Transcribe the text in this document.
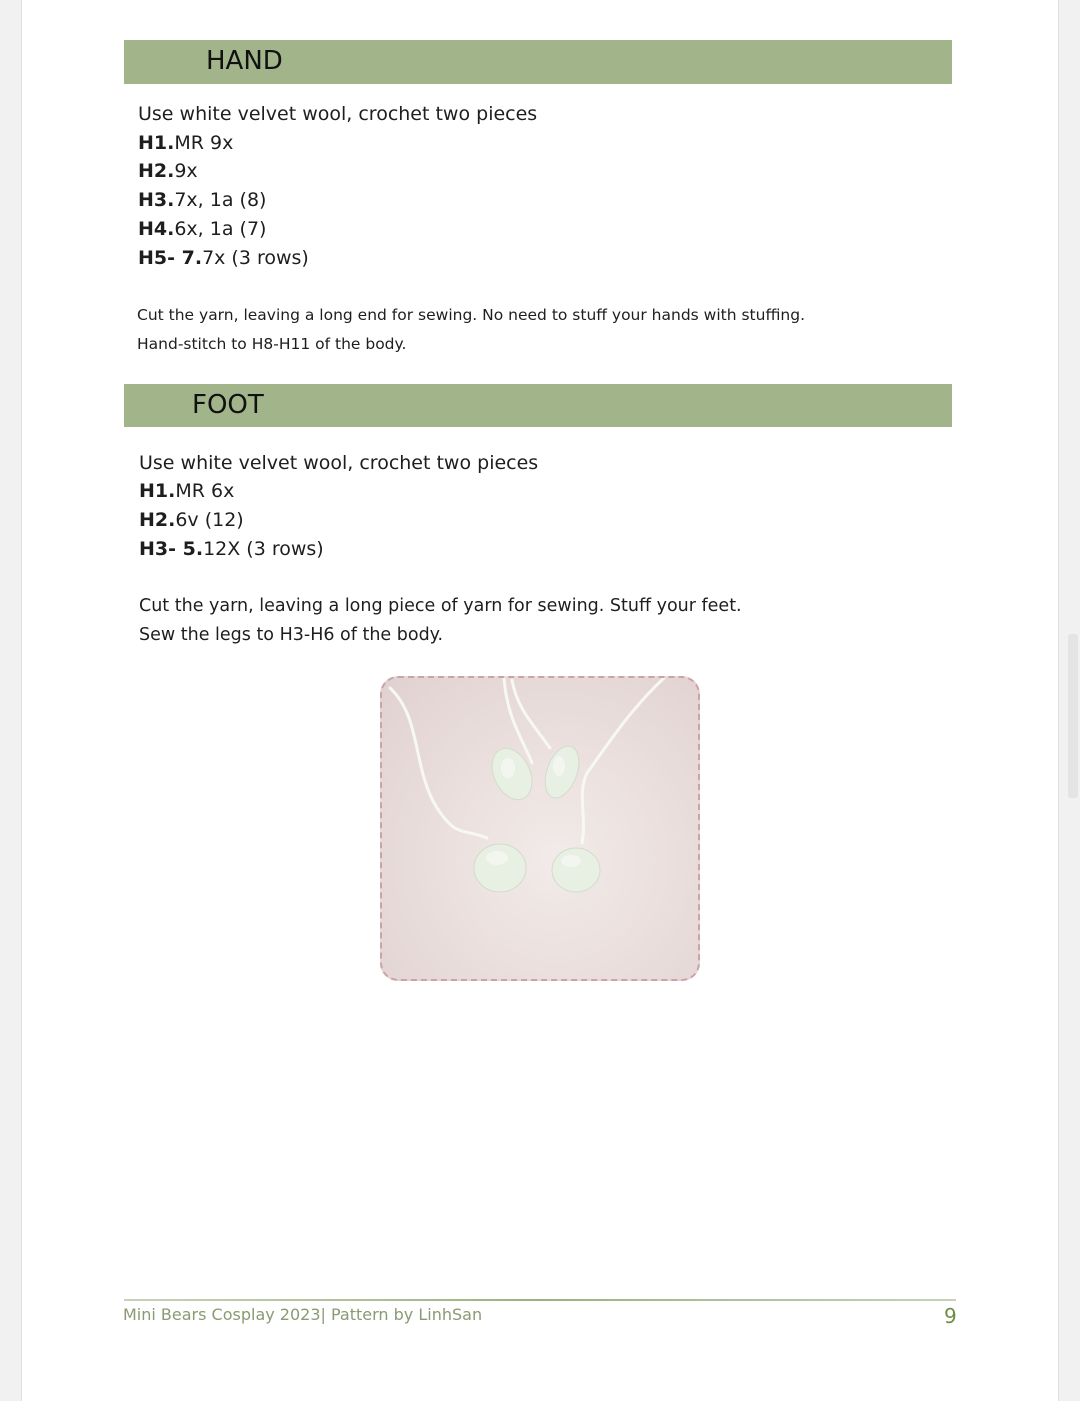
HAND
Use white velvet wool, crochet two pieces
H1.MR 9x
H2.9x
H3.7x, 1a (8)
H4.6x, 1a (7)
H5- 7.7x (3 rows)
Cut the yarn, leaving a long end for sewing. No need to stuff your hands with stuffing.
Hand-stitch to H8-H11 of the body.
FOOT
Use white velvet wool, crochet two pieces
H1.MR 6x
H2.6v (12)
H3- 5.12X (3 rows)
Cut the yarn, leaving a long piece of yarn for sewing. Stuff your feet.
Sew the legs to H3-H6 of the body.
Mini Bears Cosplay 2023| Pattern by LinhSan	9
